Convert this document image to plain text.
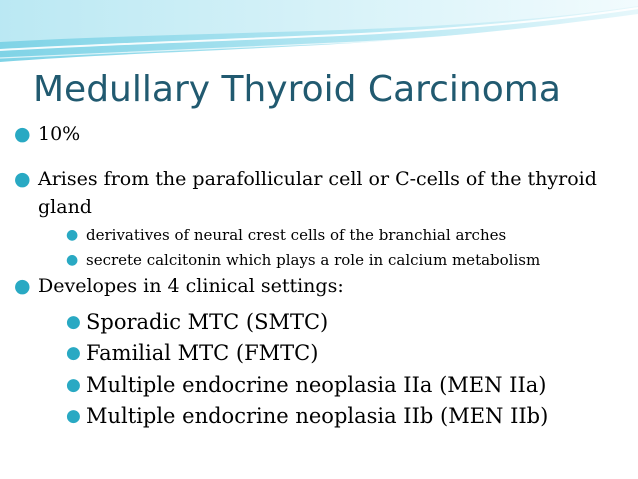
Medullary Thyroid Carcinoma

● 10%

● Arises from the parafollicular cell or C-cells of the thyroid

gland

● derivatives of neural crest cells of the branchial arches

● secrete calcitonin which plays a role in calcium metabolism

● Developes in 4 clinical settings:

● Sporadic MTC (SMTC)

● Familial MTC (FMTC)

● Multiple endocrine neoplasia IIa (MEN IIa)

● Multiple endocrine neoplasia IIb (MEN IIb)
